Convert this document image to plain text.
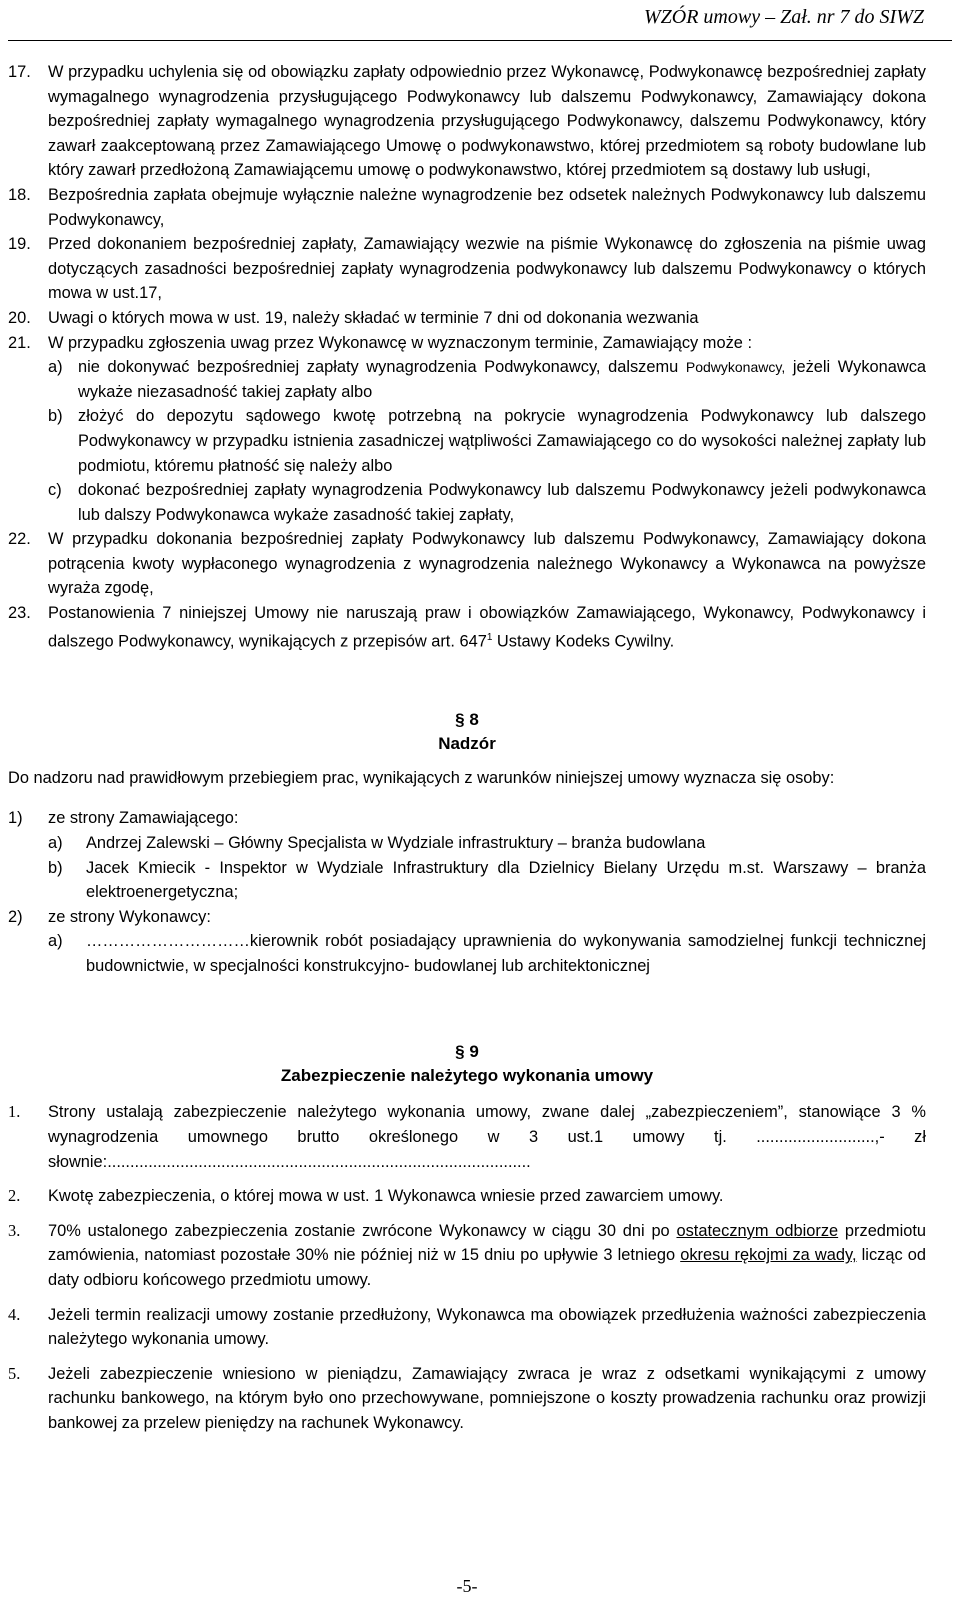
WZÓR umowy – Zał. nr 7 do SIWZ
17.	W przypadku uchylenia się od obowiązku zapłaty odpowiednio przez Wykonawcę, Podwykonawcę bezpośredniej zapłaty wymagalnego wynagrodzenia przysługującego Podwykonawcy lub dalszemu Podwykonawcy, Zamawiający dokona bezpośredniej zapłaty wymagalnego wynagrodzenia przysługującego Podwykonawcy, dalszemu Podwykonawcy, który zawarł zaakceptowaną przez Zamawiającego Umowę o podwykonawstwo, której przedmiotem są roboty budowlane lub który zawarł przedłożoną Zamawiającemu umowę o podwykonawstwo, której przedmiotem są dostawy lub usługi,
18.	Bezpośrednia zapłata obejmuje wyłącznie należne wynagrodzenie bez odsetek należnych Podwykonawcy lub dalszemu Podwykonawcy,
19.	Przed dokonaniem bezpośredniej zapłaty, Zamawiający wezwie na piśmie Wykonawcę do zgłoszenia na piśmie uwag dotyczących zasadności bezpośredniej zapłaty wynagrodzenia podwykonawcy lub dalszemu Podwykonawcy o których mowa w ust.17,
20.	Uwagi o których mowa w ust. 19, należy składać w terminie 7 dni od dokonania wezwania
21.	W przypadku zgłoszenia uwag przez Wykonawcę w wyznaczonym terminie, Zamawiający może :
a) nie dokonywać bezpośredniej zapłaty wynagrodzenia Podwykonawcy, dalszemu Podwykonawcy, jeżeli Wykonawca wykaże niezasadność takiej zapłaty albo
b) złożyć do depozytu sądowego kwotę potrzebną na pokrycie wynagrodzenia Podwykonawcy lub dalszego Podwykonawcy w przypadku istnienia zasadniczej wątpliwości Zamawiającego co do wysokości należnej zapłaty lub podmiotu, któremu płatność się należy albo
c) dokonać bezpośredniej zapłaty wynagrodzenia Podwykonawcy lub dalszemu Podwykonawcy jeżeli podwykonawca lub dalszy Podwykonawca wykaże zasadność takiej zapłaty,
22.	W przypadku dokonania bezpośredniej zapłaty Podwykonawcy lub dalszemu Podwykonawcy, Zamawiający dokona potrącenia kwoty wypłaconego wynagrodzenia z wynagrodzenia należnego Wykonawcy a Wykonawca na powyższe wyraża zgodę,
23.	Postanowienia 7 niniejszej Umowy nie naruszają praw i obowiązków Zamawiającego, Wykonawcy, Podwykonawcy i dalszego Podwykonawcy, wynikających z przepisów art. $647^1$ Ustawy Kodeks Cywilny.
§ 8
Nadzór
Do nadzoru nad prawidłowym przebiegiem prac, wynikających z warunków niniejszej umowy wyznacza się osoby:
1)	ze strony Zamawiającego:
a)	Andrzej Zalewski – Główny Specjalista w Wydziale infrastruktury – branża budowlana
b)	Jacek Kmiecik - Inspektor w Wydziale Infrastruktury dla Dzielnicy Bielany Urzędu m.st. Warszawy – branża elektroenergetyczna;
2)	ze strony Wykonawcy:
a)	…………………………kierownik robót posiadający uprawnienia do wykonywania samodzielnej funkcji technicznej budownictwie, w specjalności konstrukcyjno- budowlanej lub architektonicznej
§ 9
Zabezpieczenie należytego wykonania umowy
1.	Strony ustalają zabezpieczenie należytego wykonania umowy, zwane dalej „zabezpieczeniem”, stanowiące 3 % wynagrodzenia umownego brutto określonego w 3 ust.1 umowy tj. ..........................,- zł słownie:.............................................................................................
2.	Kwotę zabezpieczenia, o której mowa w ust. 1 Wykonawca wniesie przed zawarciem umowy.
3.	70% ustalonego zabezpieczenia zostanie zwrócone Wykonawcy w ciągu 30 dni po ostatecznym odbiorze przedmiotu zamówienia, natomiast pozostałe 30% nie później niż w 15 dniu po upływie 3 letniego okresu rękojmi za wady, licząc od daty odbioru końcowego przedmiotu umowy.
4.	Jeżeli termin realizacji umowy zostanie przedłużony, Wykonawca ma obowiązek przedłużenia ważności zabezpieczenia należytego wykonania umowy.
5.	Jeżeli zabezpieczenie wniesiono w pieniądzu, Zamawiający zwraca je wraz z odsetkami wynikającymi z umowy rachunku bankowego, na którym było ono przechowywane, pomniejszone o koszty prowadzenia rachunku oraz prowizji bankowej za przelew pieniędzy na rachunek Wykonawcy.
-5-
